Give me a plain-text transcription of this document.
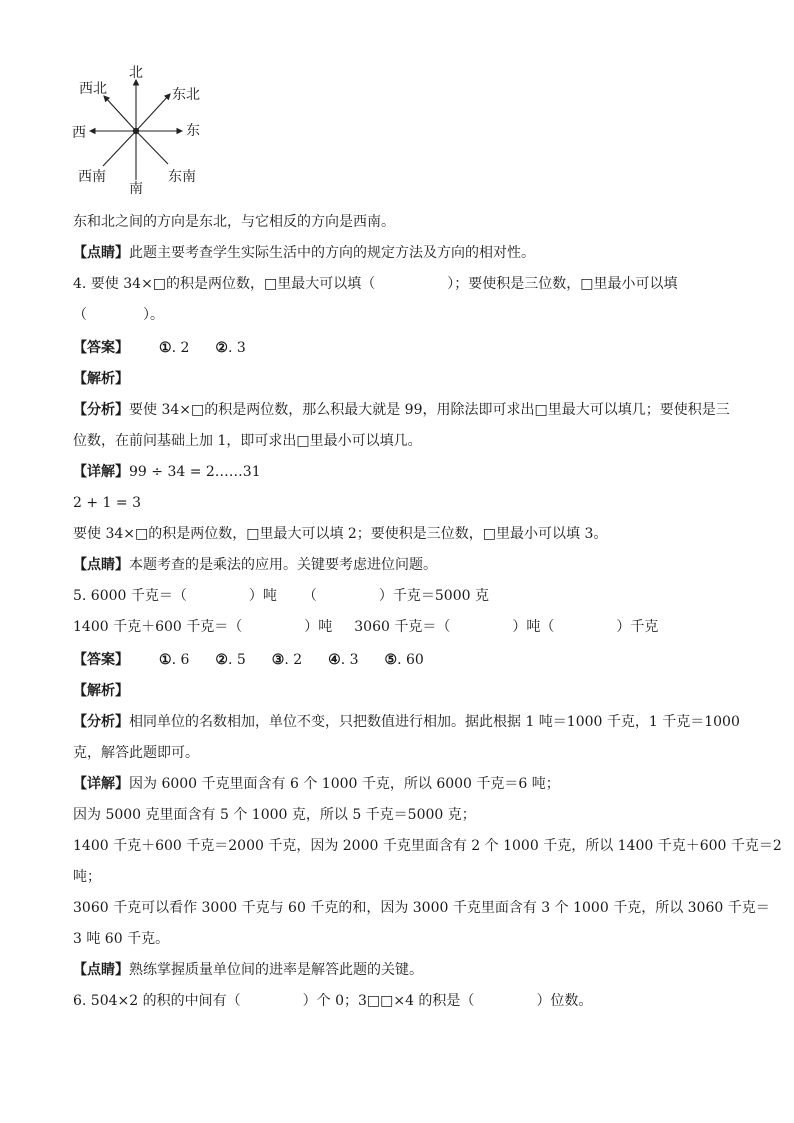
北
西北	东北
西	东
西南	东南
南
东和北之间的方向是东北，与它相反的方向是西南。
【点睛】此题主要考查学生实际生活中的方向的规定方法及方向的相对性。
4. 要使 34×□的积是两位数，□里最大可以填（	）；要使积是三位数，□里最小可以填
（	）。
【答案】 ①. 2 ②. 3
【解析】
【分析】要使 34×□的积是两位数，那么积最大就是 99，用除法即可求出□里最大可以填几；要使积是三
位数，在前问基础上加 1，即可求出□里最小可以填几。
【详解】99 ÷ 34 = 2……31
2 + 1 = 3
要使 34×□的积是两位数，□里最大可以填 2；要使积是三位数，□里最小可以填 3。
【点睛】本题考查的是乘法的应用。关键要考虑进位问题。
5. 6000 千克＝（	）吨 （	）千克＝5000 克
1400 千克＋600 千克＝（	）吨 3060 千克＝（	）吨（	）千克
【答案】 ①. 6 ②. 5 ③. 2 ④. 3 ⑤. 60
【解析】
【分析】相同单位的名数相加，单位不变，只把数值进行相加。据此根据 1 吨＝1000 千克，1 千克＝1000
克，解答此题即可。
【详解】因为 6000 千克里面含有 6 个 1000 千克，所以 6000 千克＝6 吨；
因为 5000 克里面含有 5 个 1000 克，所以 5 千克＝5000 克；
1400 千克＋600 千克＝2000 千克，因为 2000 千克里面含有 2 个 1000 千克，所以 1400 千克＋600 千克＝2
吨；
3060 千克可以看作 3000 千克与 60 千克的和，因为 3000 千克里面含有 3 个 1000 千克，所以 3060 千克＝
3 吨 60 千克。
【点睛】熟练掌握质量单位间的进率是解答此题的关键。
6. 504×2 的积的中间有（	）个 0；3□□×4 的积是（	）位数。
